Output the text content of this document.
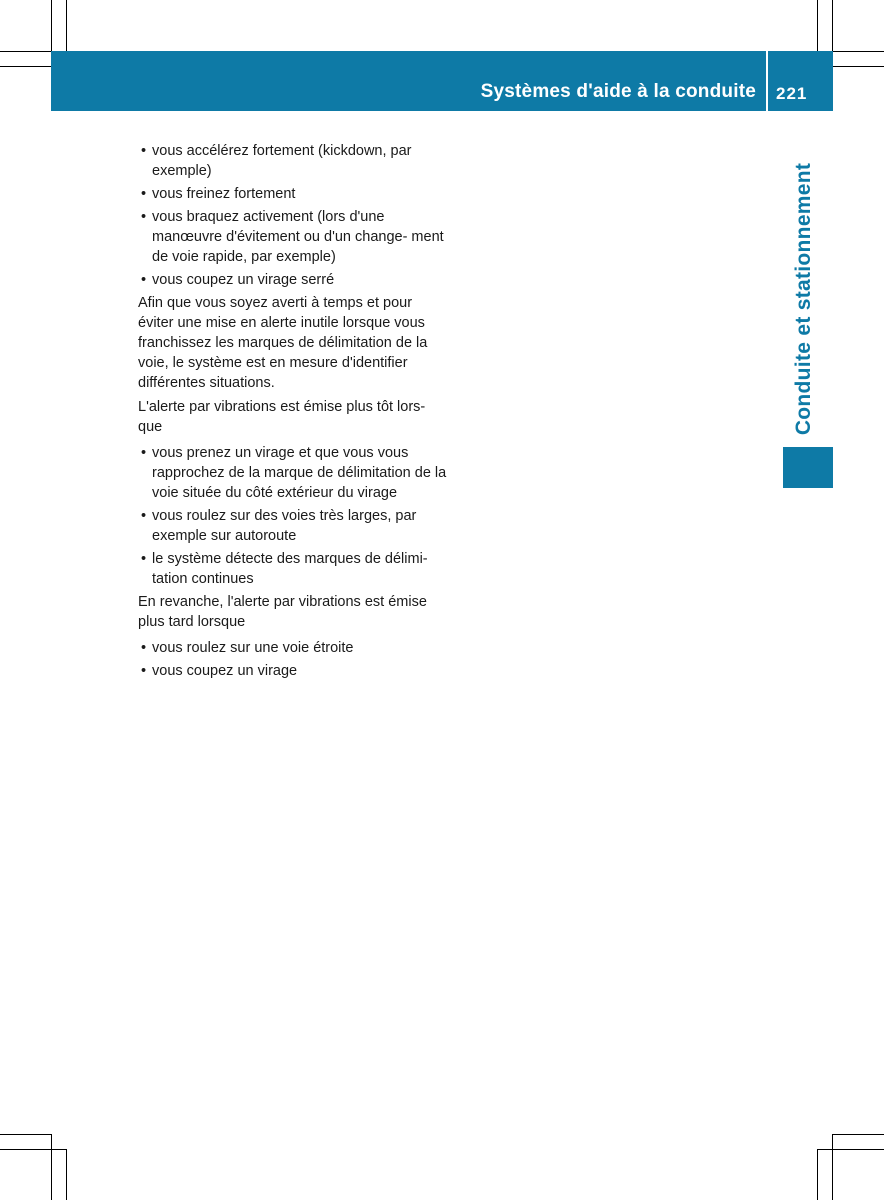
Systèmes d'aide à la conduite 221
Conduite et stationnement
• vous accélérez fortement (kickdown, par exemple)
• vous freinez fortement
• vous braquez activement (lors d'une manœuvre d'évitement ou d'un change- ment de voie rapide, par exemple)
• vous coupez un virage serré

Afin que vous soyez averti à temps et pour éviter une mise en alerte inutile lorsque vous franchissez les marques de délimitation de la voie, le système est en mesure d'identifier différentes situations.

L'alerte par vibrations est émise plus tôt lors- que

• vous prenez un virage et que vous vous rapprochez de la marque de délimitation de la voie située du côté extérieur du virage
• vous roulez sur des voies très larges, par exemple sur autoroute
• le système détecte des marques de délimi- tation continues

En revanche, l'alerte par vibrations est émise plus tard lorsque

• vous roulez sur une voie étroite
• vous coupez un virage
